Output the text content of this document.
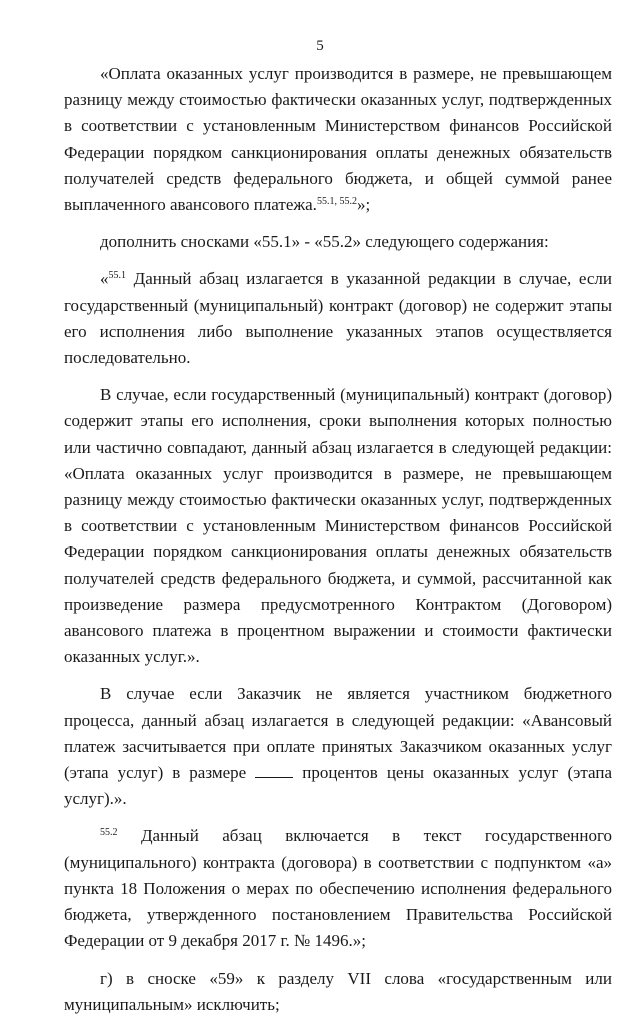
5

«Оплата оказанных услуг производится в размере, не превышающем разницу между стоимостью фактически оказанных услуг, подтвержденных в соответствии с установленным Министерством финансов Российской Федерации порядком санкционирования оплаты денежных обязательств получателей средств федерального бюджета, и общей суммой ранее выплаченного авансового платежа.$^{55.1, 55.2}$»;

дополнить сносками «55.1» - «55.2» следующего содержания:

«$^{55.1}$ Данный абзац излагается в указанной редакции в случае, если государственный (муниципальный) контракт (договор) не содержит этапы его исполнения либо выполнение указанных этапов осуществляется последовательно.

В случае, если государственный (муниципальный) контракт (договор) содержит этапы его исполнения, сроки выполнения которых полностью или частично совпадают, данный абзац излагается в следующей редакции: «Оплата оказанных услуг производится в размере, не превышающем разницу между стоимостью фактически оказанных услуг, подтвержденных в соответствии с установленным Министерством финансов Российской Федерации порядком санкционирования оплаты денежных обязательств получателей средств федерального бюджета, и суммой, рассчитанной как произведение размера предусмотренного Контрактом (Договором) авансового платежа в процентном выражении и стоимости фактически оказанных услуг.».

В случае если Заказчик не является участником бюджетного процесса, данный абзац излагается в следующей редакции: «Авансовый платеж засчитывается при оплате принятых Заказчиком оказанных услуг (этапа услуг) в размере	процентов цены оказанных услуг (этапа услуг).».

$^{55.2}$ Данный абзац включается в текст государственного (муниципального) контракта (договора) в соответствии с подпунктом «а» пункта 18 Положения о мерах по обеспечению исполнения федерального бюджета, утвержденного постановлением Правительства Российской Федерации от 9 декабря 2017 г. № 1496.»;

г) в сноске «59» к разделу VII слова «государственным или муниципальным» исключить;
